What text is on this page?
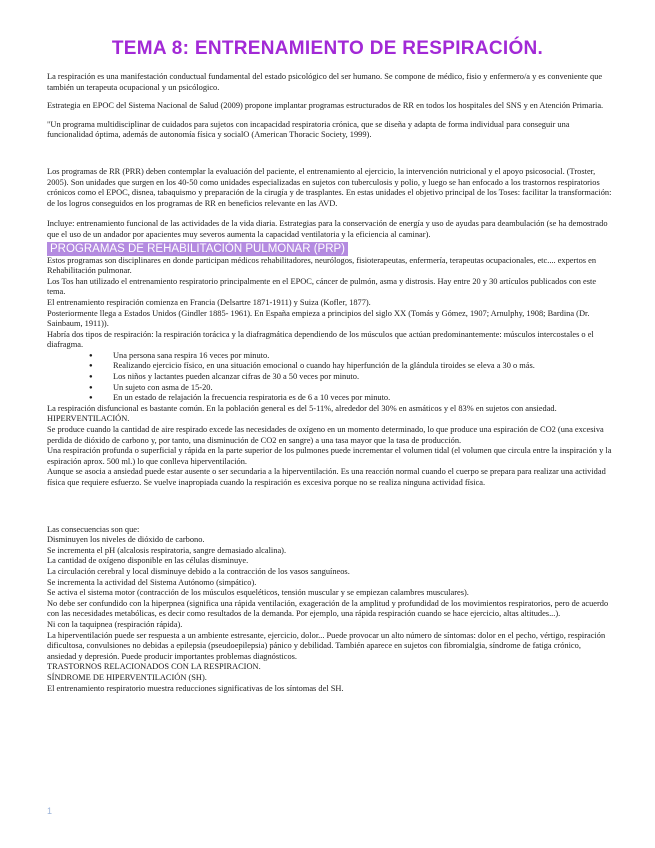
TEMA 8: ENTRENAMIENTO DE RESPIRACIÓN.

La respiración es una manifestación conductual fundamental del estado psicológico del ser humano. Se compone de médico, fisio y enfermero/a y es conveniente que también un terapeuta ocupacional y un psicólogico.

Estrategia en EPOC del Sistema Nacional de Salud (2009) propone implantar programas estructurados de RR en todos los hospitales del SNS y en Atención Primaria.

"Un programa multidisciplinar de cuidados para sujetos con incapacidad respiratoria crónica, que se diseña y adapta de forma individual para conseguir una funcionalidad óptima, además de autonomía física y socialO (American Thoracic Society, 1999).

Los programas de RR (PRR) deben contemplar la evaluación del paciente, el entrenamiento al ejercicio, la intervención nutricional y el apoyo psicosocial. (Troster, 2005). Son unidades que surgen en los 40-50 como unidades especializadas en sujetos con tuberculosis y polio, y luego se han enfocado a los trastornos respiratorios crónicos como el EPOC, disnea, tabaquismo y preparación de la cirugía y de trasplantes. En estas unidades el objetivo principal de los Toses: facilitar la transformación: de los logros conseguidos en los programas de RR en beneficios relevante en las AVD.

Incluye: entrenamiento funcional de las actividades de la vida diaria. Estrategias para la conservación de energía y uso de ayudas para deambulación (se ha demostrado que el uso de un andador por apacientes muy severos aumenta la capacidad ventilatoria y la eficiencia al caminar).

PROGRAMAS DE REHABILITACIÓN PULMONAR (PRP)

Estos programas son disciplinares en donde participan médicos rehabilitadores, neurólogos, fisioterapeutas, enfermería, terapeutas ocupacionales, etc.... expertos en Rehabilitación pulmonar.

Los Tos han utilizado el entrenamiento respiratorio principalmente en el EPOC, cáncer de pulmón, asma y distrosis. Hay entre 20 y 30 artículos publicados con este tema.

El entrenamiento respiración comienza en Francia (Delsartre 1871-1911) y Suiza (Kofler, 1877).

Posteriormente llega a Estados Unidos (Gindler 1885- 1961). En España empieza a principios del siglo XX (Tomás y Gómez, 1907; Arnulphy, 1908; Bardina (Dr. Sainbaum, 1911)).

Habría dos tipos de respiración: la respiración torácica y la diafragmática dependiendo de los músculos que actúan predominantemente: músculos intercostales o el diafragma.

● Una persona sana respira 16 veces por minuto.
● Realizando ejercicio físico, en una situación emocional o cuando hay hiperfunción de la glándula tiroides se eleva a 30 o más.
● Los niños y lactantes pueden alcanzar cifras de 30 a 50 veces por minuto.
● Un sujeto con asma de 15-20.
● En un estado de relajación la frecuencia respiratoria es de 6 a 10 veces por minuto.

La respiración disfuncional es bastante común. En la población general es del 5-11%, alrededor del 30% en asmáticos y el 83% en sujetos con ansiedad.

HIPERVENTILACIÓN.

Se produce cuando la cantidad de aire respirado excede las necesidades de oxígeno en un momento determinado, lo que produce una espiración de CO2 (una excesiva perdida de dióxido de carbono y, por tanto, una disminución de CO2 en sangre) a una tasa mayor que la tasa de producción.

Una respiración profunda o superficial y rápida en la parte superior de los pulmones puede incrementar el volumen tidal (el volumen que circula entre la inspiración y la espiración aprox. 500 ml.) lo que conlleva hiperventilación.

Aunque se asocia a ansiedad puede estar ausente o ser secundaria a la hiperventilación. Es una reacción normal cuando el cuerpo se prepara para realizar una actividad física que requiere esfuerzo. Se vuelve inapropiada cuando la respiración es excesiva porque no se realiza ninguna actividad física.

Las consecuencias son que:

Disminuyen los niveles de dióxido de carbono.

Se incrementa el pH (alcalosis respiratoria, sangre demasiado alcalina).

La cantidad de oxígeno disponible en las células disminuye.

La circulación cerebral y local disminuye debido a la contracción de los vasos sanguíneos.

Se incrementa la actividad del Sistema Autónomo (simpático).

Se activa el sistema motor (contracción de los músculos esqueléticos, tensión muscular y se empiezan calambres musculares).

No debe ser confundido con la hiperpnea (significa una rápida ventilación, exageración de la amplitud y profundidad de los movimientos respiratorios, pero de acuerdo con las necesidades metabólicas, es decir como resultados de la demanda. Por ejemplo, una rápida respiración cuando se hace ejercicio, altas altitudes...).

Ni con la taquipnea (respiración rápida).

La hiperventilación puede ser respuesta a un ambiente estresante, ejercicio, dolor... Puede provocar un alto número de síntomas: dolor en el pecho, vértigo, respiración dificultosa, convulsiones no debidas a epilepsia (pseudoepilepsia) pánico y debilidad. También aparece en sujetos con fibromialgia, síndrome de fatiga crónico, ansiedad y depresión. Puede producir importantes problemas diagnósticos.

TRASTORNOS RELACIONADOS CON LA RESPIRACION.

SÍNDROME DE HIPERVENTILACIÓN (SH).

El entrenamiento respiratorio muestra reducciones significativas de los síntomas del SH.

1
